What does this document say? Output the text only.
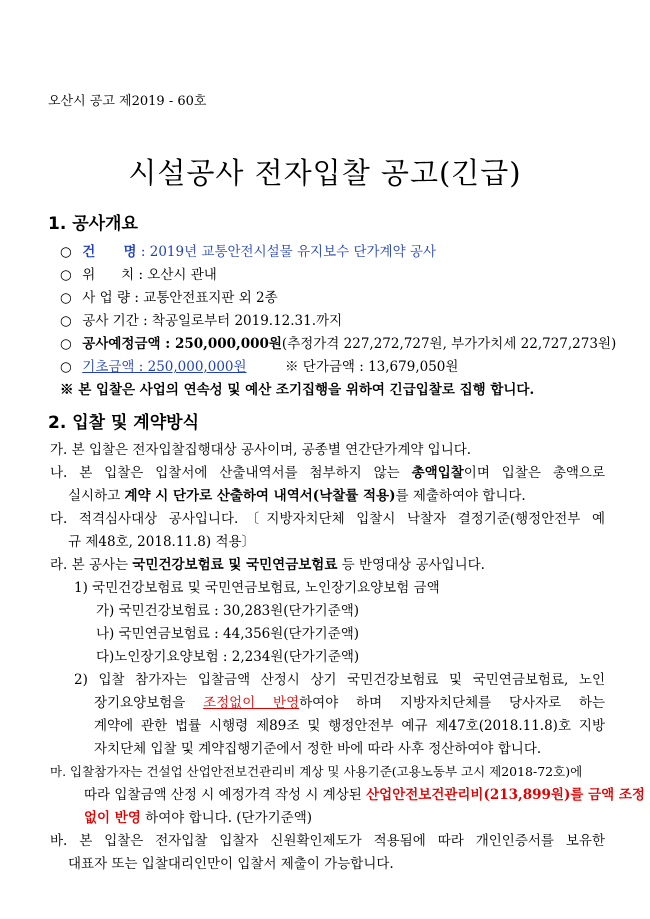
오산시 공고 제2019 - 60호
시설공사 전자입찰 공고(긴급)
1. 공사개요
○ 건      명 : 2019년 교통안전시설물 유지보수 단가계약 공사
○ 위      치 : 오산시 관내
○ 사 업 량 : 교통안전표지판 외 2종
○ 공사 기간 : 착공일로부터 2019.12.31.까지
○ 공사예정금액 : 250,000,000원(추정가격 227,272,727원, 부가가치세 22,727,273원)
○ 기초금액 : 250,000,000원	※ 단가금액 : 13,679,050원
※ 본 입찰은 사업의 연속성 및 예산 조기집행을 위하여 긴급입찰로 집행 합니다.
2. 입찰 및 계약방식
가. 본 입찰은 전자입찰집행대상 공사이며, 공종별 연간단가계약 입니다.
나. 본 입찰은 입찰서에 산출내역서를 첨부하지 않는 총액입찰이며 입찰은 총액으로
실시하고 계약 시 단가로 산출하여 내역서(낙찰률 적용)를 제출하여야 합니다.
다. 적격심사대상 공사입니다.〔지방자치단체 입찰시 낙찰자 결정기준(행정안전부 예
규 제48호, 2018.11.8) 적용〕
라. 본 공사는 국민건강보험료 및 국민연금보험료 등 반영대상 공사입니다.
1) 국민건강보험료 및 국민연금보험료, 노인장기요양보험 금액
가) 국민건강보험료 : 30,283원(단가기준액)
나) 국민연금보험료 : 44,356원(단가기준액)
다)노인장기요양보험 : 2,234원(단가기준액)
2) 입찰 참가자는 입찰금액 산정시 상기 국민건강보험료 및 국민연금보험료, 노인
장기요양보험을 조정없이 반영하여야 하며 지방자치단체를 당사자로 하는
계약에 관한 법률 시행령 제89조 및 행정안전부 예규 제47호(2018.11.8)호 지방
자치단체 입찰 및 계약집행기준에서 정한 바에 따라 사후 정산하여야 합니다.
마. 입찰참가자는 건설업 산업안전보건관리비 계상 및 사용기준(고용노동부 고시 제2018-72호)에
따라 입찰금액 산정 시 예정가격 작성 시 계상된 산업안전보건관리비(213,899원)를 금액 조정
없이 반영 하여야 합니다. (단가기준액)
바. 본 입찰은 전자입찰 입찰자 신원확인제도가 적용됨에 따라 개인인증서를 보유한
대표자 또는 입찰대리인만이 입찰서 제출이 가능합니다.
